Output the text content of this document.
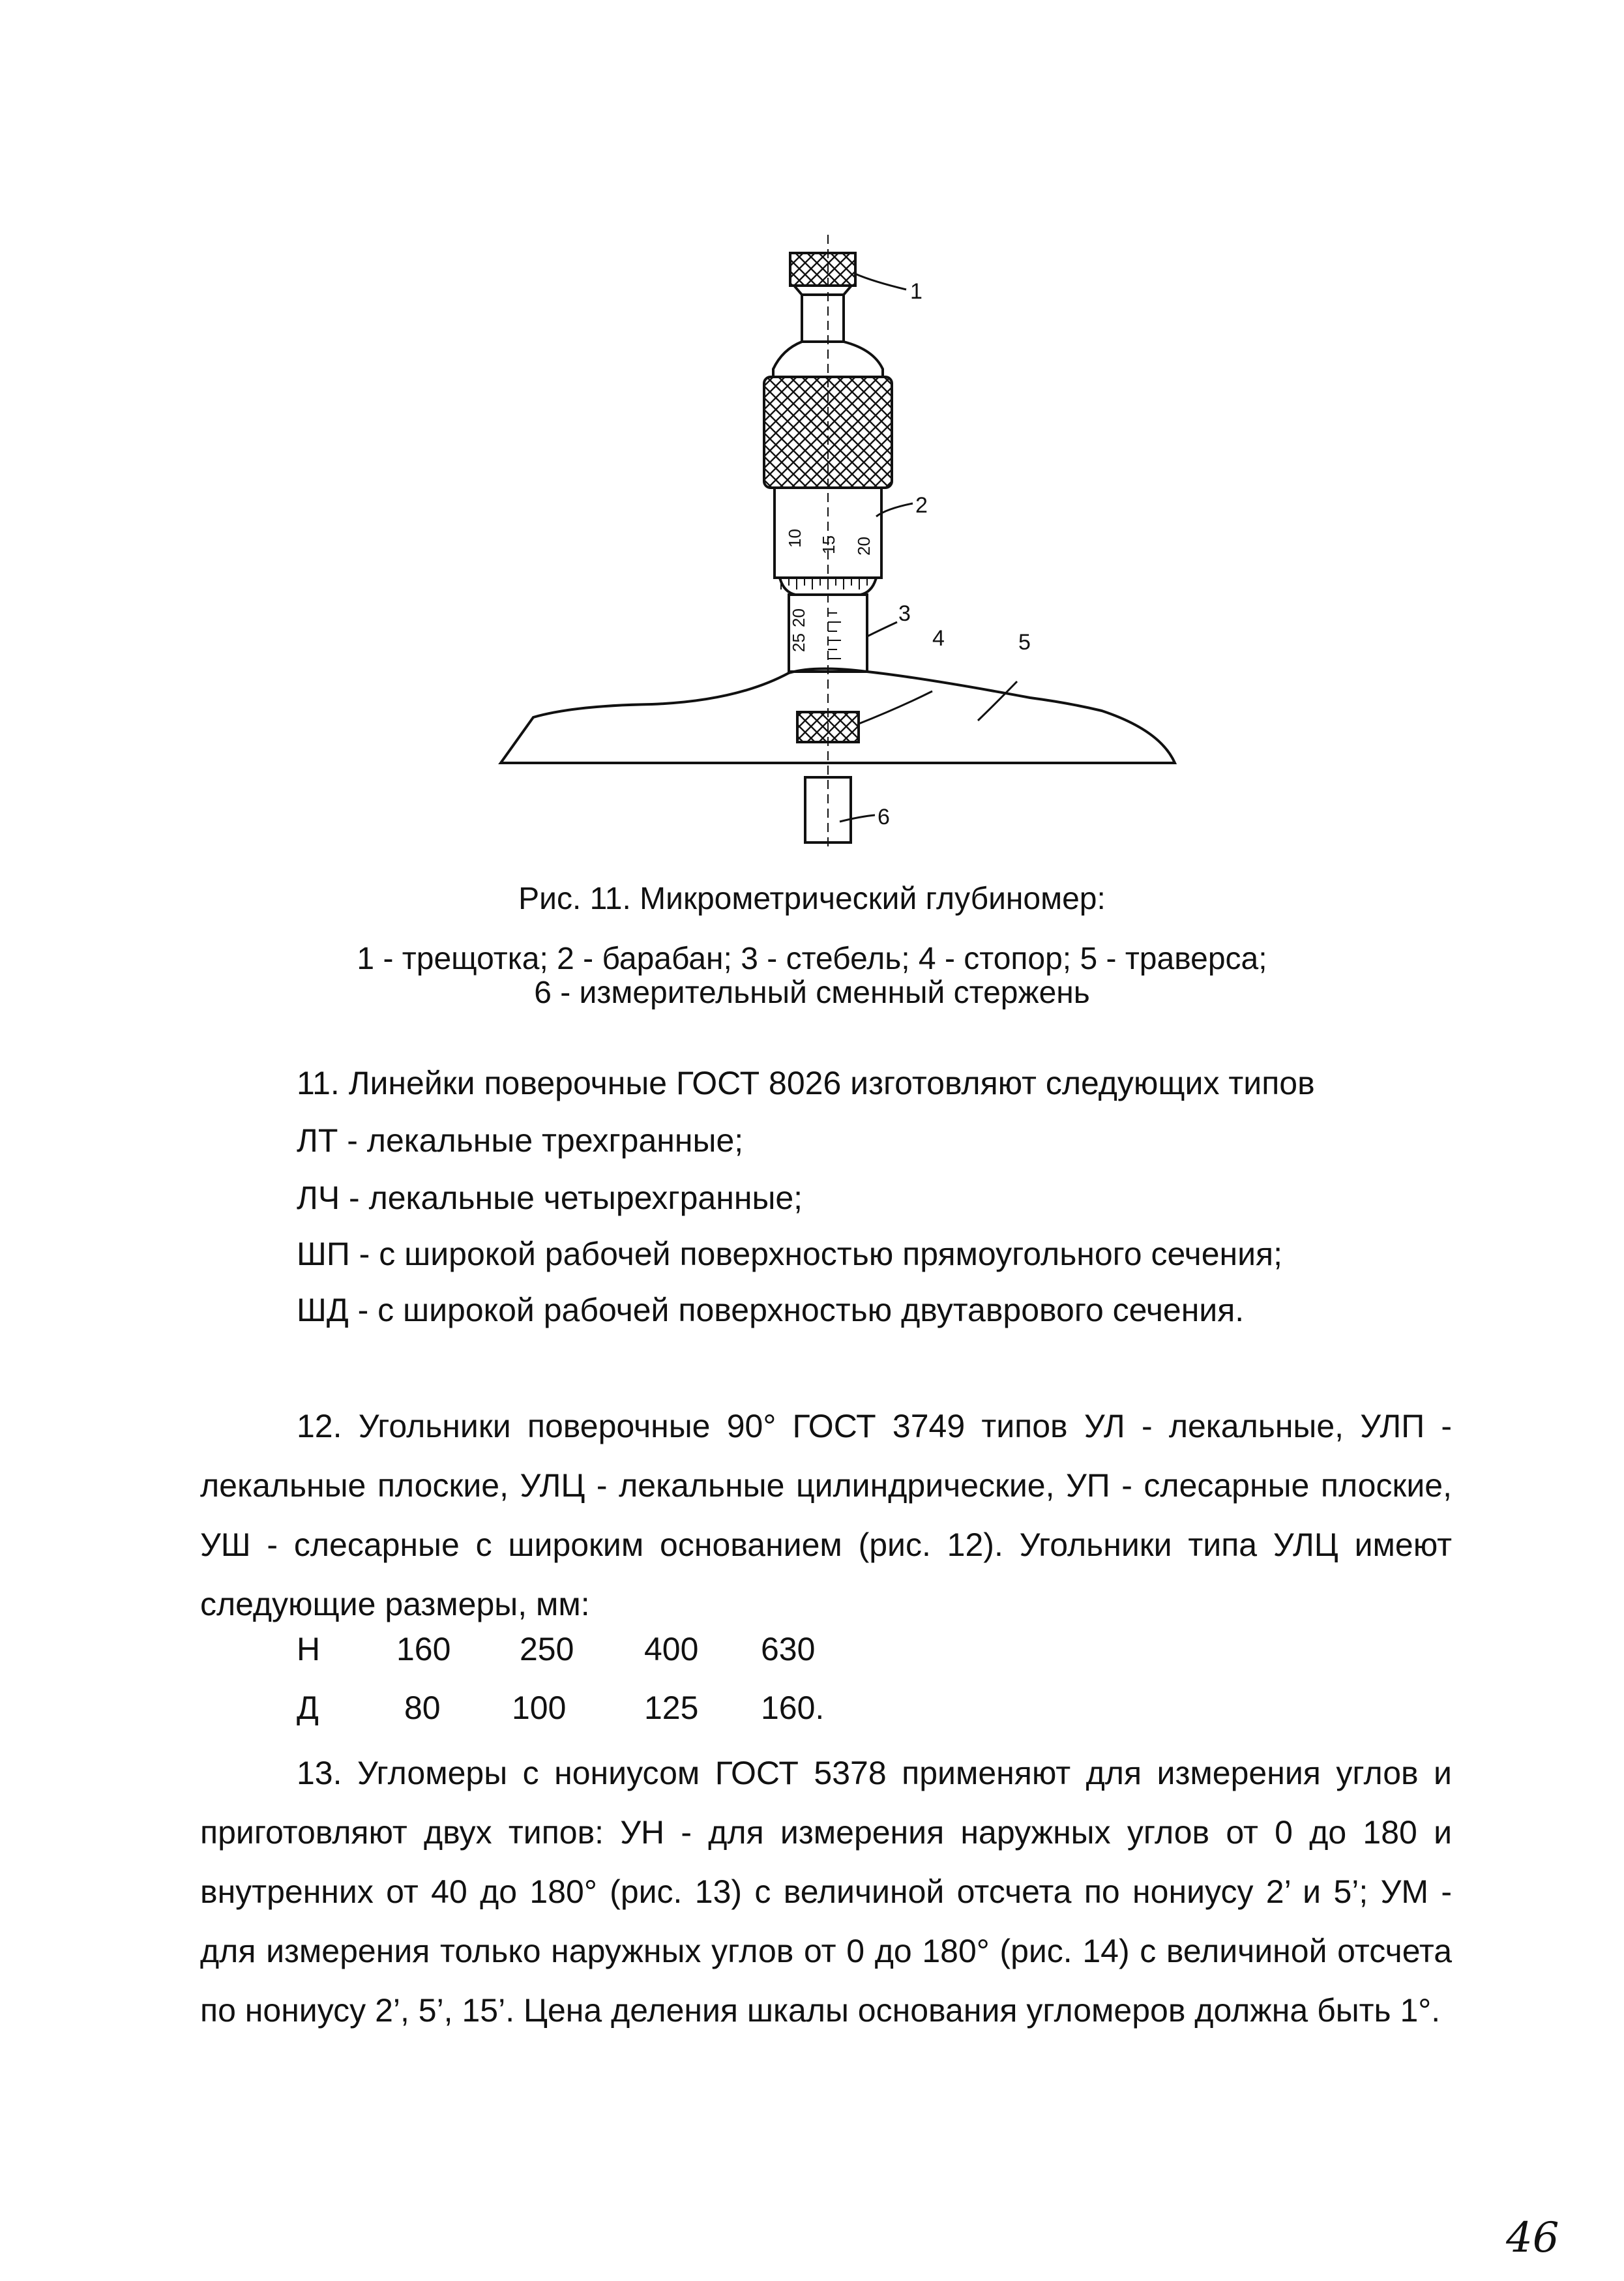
10 15 20
25
20
1
2
3
4	5
6
Рис. 11. Микрометрический глубиномер:
1 - трещотка; 2 - барабан; 3 - стебель; 4 - стопор; 5 - траверса;
6 - измерительный сменный стержень
11. Линейки поверочные ГОСТ 8026 изготовляют следующих типов
ЛТ - лекальные трехгранные;
ЛЧ - лекальные четырехгранные;
ШП - с широкой рабочей поверхностью прямоугольного сечения;
ШД - с широкой рабочей поверхностью двутаврового сечения.
12. Угольники поверочные 90° ГОСТ 3749 типов УЛ - лекальные, УЛП - лекальные плоские, УЛЦ - лекальные цилиндрические, УП - слесарные плоские, УШ - слесарные с широким основанием (рис. 12). Угольники типа УЛЦ имеют следующие размеры, мм:
Н 160 250 400 630
Д	80 100 125 160.
13. Угломеры с нониусом ГОСТ 5378 применяют для измерения углов и приготовляют двух типов: УН - для измерения наружных углов от 0 до 180 и внутренних от 40 до 180° (рис. 13) с величиной отсчета по нониусу 2’ и 5’; УМ - для измерения только наружных углов от 0 до 180° (рис. 14) с величиной отсчета по нониусу 2’, 5’, 15’. Цена деления шкалы основания угломеров должна быть 1°.
46
